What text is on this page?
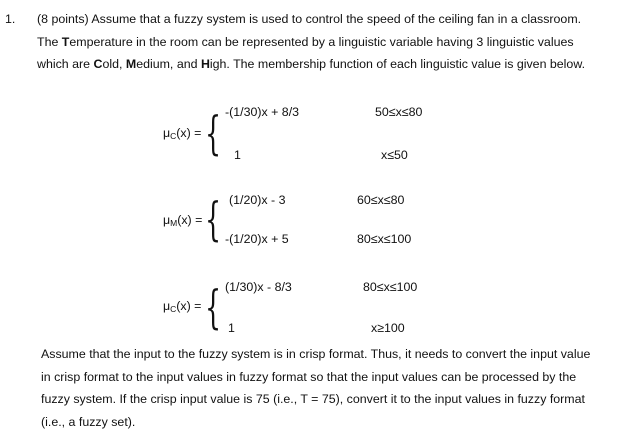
1. (8 points) Assume that a fuzzy system is used to control the speed of the ceiling fan in a classroom. The Temperature in the room can be represented by a linguistic variable having 3 linguistic values which are Cold, Medium, and High. The membership function of each linguistic value is given below.
μC(x) = { -(1/30)x + 8/3	50≤x≤80
1	x≤50
μM(x) = { (1/20)x - 3	60≤x≤80
-(1/20)x + 5	80≤x≤100
μC(x) = { (1/30)x - 8/3	80≤x≤100
1	x≥100
Assume that the input to the fuzzy system is in crisp format. Thus, it needs to convert the input value in crisp format to the input values in fuzzy format so that the input values can be processed by the fuzzy system. If the crisp input value is 75 (i.e., T = 75), convert it to the input values in fuzzy format (i.e., a fuzzy set).
